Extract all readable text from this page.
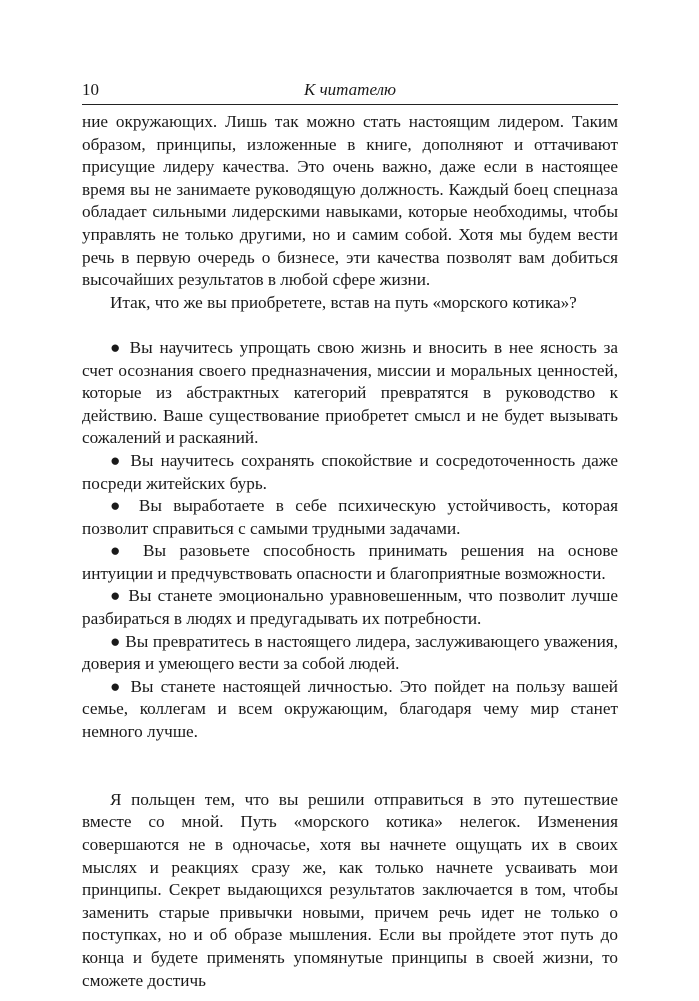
10	К читателю

ние окружающих. Лишь так можно стать настоящим лидером. Таким образом, принципы, изложенные в книге, дополняют и оттачивают присущие лидеру качества. Это очень важно, даже если в настоящее время вы не занимаете руководящую должность. Каждый боец спецназа обладает сильными лидерскими навыками, которые необходимы, чтобы управлять не только другими, но и самим собой. Хотя мы будем вести речь в первую очередь о бизнесе, эти качества позволят вам добиться высочайших результатов в любой сфере жизни.

Итак, что же вы приобретете, встав на путь «морского котика»?

● Вы научитесь упрощать свою жизнь и вносить в нее ясность за счет осознания своего предназначения, миссии и моральных ценностей, которые из абстрактных категорий превратятся в руководство к действию. Ваше существование приобретет смысл и не будет вызывать сожалений и раскаяний.
● Вы научитесь сохранять спокойствие и сосредоточенность даже посреди житейских бурь.
● Вы выработаете в себе психическую устойчивость, которая позволит справиться с самыми трудными задачами.
● Вы разовьете способность принимать решения на основе интуиции и предчувствовать опасности и благоприятные возможности.
● Вы станете эмоционально уравновешенным, что позволит лучше разбираться в людях и предугадывать их потребности.
● Вы превратитесь в настоящего лидера, заслуживающего уважения, доверия и умеющего вести за собой людей.
● Вы станете настоящей личностью. Это пойдет на пользу вашей семье, коллегам и всем окружающим, благодаря чему мир станет немного лучше.

Я польщен тем, что вы решили отправиться в это путешествие вместе со мной. Путь «морского котика» нелегок. Изменения совершаются не в одночасье, хотя вы начнете ощущать их в своих мыслях и реакциях сразу же, как только начнете усваивать мои принципы. Секрет выдающихся результатов заключается в том, чтобы заменить старые привычки новыми, причем речь идет не только о поступках, но и об образе мышления. Если вы пройдете этот путь до конца и будете применять упомянутые принципы в своей жизни, то сможете достичь
